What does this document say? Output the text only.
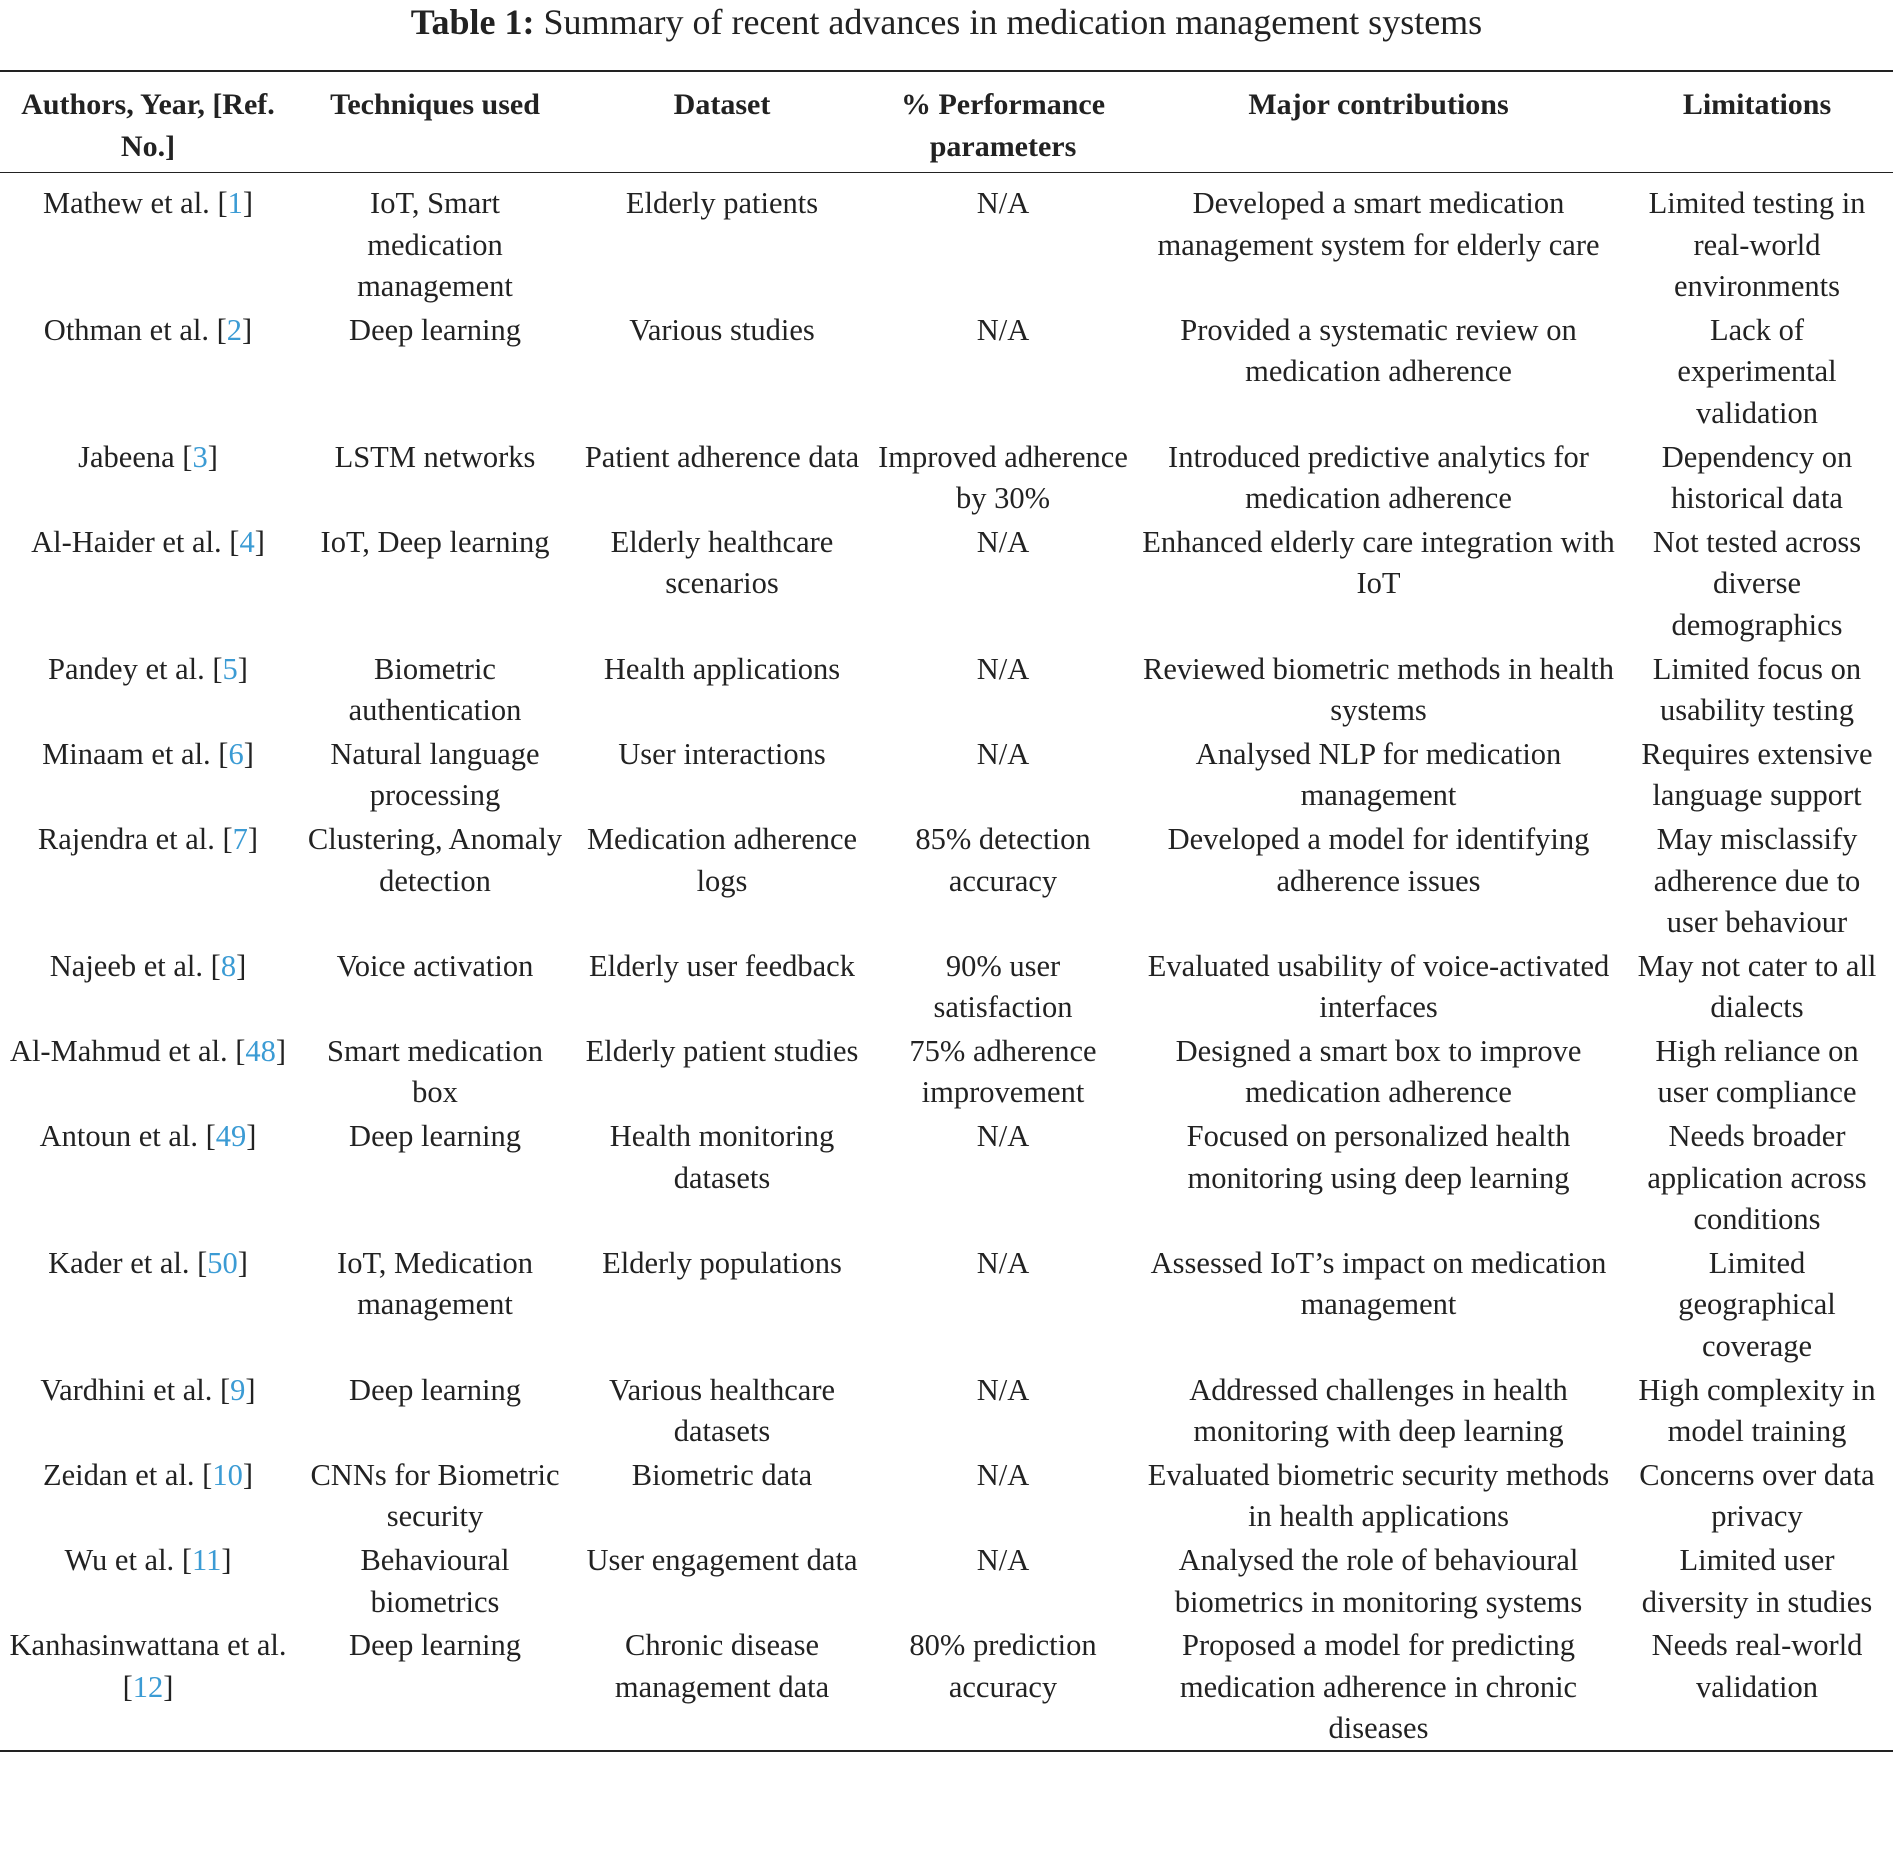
Table 1: Summary of recent advances in medication management systems
Authors, Year, [Ref. No.]	Techniques used	Dataset	% Performance parameters	Major contributions	Limitations
Mathew et al. [1]	IoT, Smart medication management	Elderly patients	N/A	Developed a smart medication management system for elderly care	Limited testing in real-world environments
Othman et al. [2]	Deep learning	Various studies	N/A	Provided a systematic review on medication adherence	Lack of experimental validation
Jabeena [3]	LSTM networks	Patient adherence data	Improved adherence by 30%	Introduced predictive analytics for medication adherence	Dependency on historical data
Al-Haider et al. [4]	IoT, Deep learning	Elderly healthcare scenarios	N/A	Enhanced elderly care integration with IoT	Not tested across diverse demographics
Pandey et al. [5]	Biometric authentication	Health applications	N/A	Reviewed biometric methods in health systems	Limited focus on usability testing
Minaam et al. [6]	Natural language processing	User interactions	N/A	Analysed NLP for medication management	Requires extensive language support
Rajendra et al. [7]	Clustering, Anomaly detection	Medication adherence logs	85% detection accuracy	Developed a model for identifying adherence issues	May misclassify adherence due to user behaviour
Najeeb et al. [8]	Voice activation	Elderly user feedback	90% user satisfaction	Evaluated usability of voice-activated interfaces	May not cater to all dialects
Al-Mahmud et al. [48]	Smart medication box	Elderly patient studies	75% adherence improvement	Designed a smart box to improve medication adherence	High reliance on user compliance
Antoun et al. [49]	Deep learning	Health monitoring datasets	N/A	Focused on personalized health monitoring using deep learning	Needs broader application across conditions
Kader et al. [50]	IoT, Medication management	Elderly populations	N/A	Assessed IoT’s impact on medication management	Limited geographical coverage
Vardhini et al. [9]	Deep learning	Various healthcare datasets	N/A	Addressed challenges in health monitoring with deep learning	High complexity in model training
Zeidan et al. [10]	CNNs for Biometric security	Biometric data	N/A	Evaluated biometric security methods in health applications	Concerns over data privacy
Wu et al. [11]	Behavioural biometrics	User engagement data	N/A	Analysed the role of behavioural biometrics in monitoring systems	Limited user diversity in studies
Kanhasinwattana et al. [12]	Deep learning	Chronic disease management data	80% prediction accuracy	Proposed a model for predicting medication adherence in chronic diseases	Needs real-world validation
